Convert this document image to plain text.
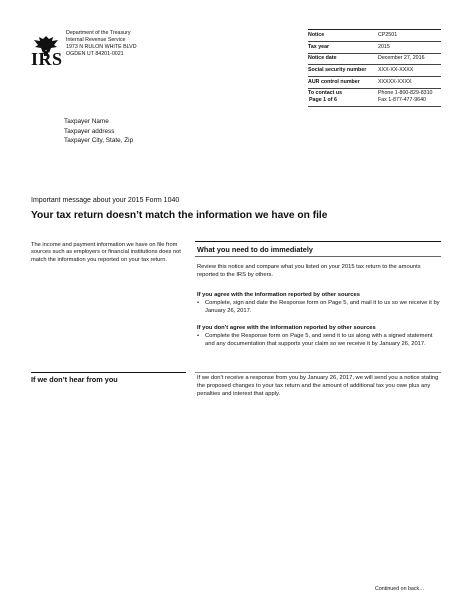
IRS
Department of the Treasury
Internal Revenue Service
1973 N RULON WHITE BLVD
OGDEN UT 84201-0021
Notice	CP2501
Tax year	2015
Notice date	December 27, 2016
Social security number	XXX-XX-XXXX
AUR control number	XXXXX-XXXX
To contact us	Phone 1-800-829-8310
Fax 1-877-477-9640
Page 1 of 6
Taxpayer Name
Taxpayer address
Taxpayer City, State, Zip
Important message about your 2015 Form 1040
Your tax return doesn’t match the information we have on file
The income and payment information we have on file from sources such as employers or financial institutions does not match the information you reported on your tax return.
What you need to do immediately
Review this notice and compare what you listed on your 2015 tax return to the amounts reported to the IRS by others.
If you agree with the information reported by other sources
•	Complete, sign and date the Response form on Page 5, and mail it to us so we receive it by January 26, 2017.
If you don’t agree with the information reported by other sources
•	Complete the Response form on Page 5, and send it to us along with a signed statement and any documentation that supports your claim so we receive it by January 26, 2017.
If we don’t hear from you	If we don’t receive a response from you by January 26, 2017, we will send you a notice stating the proposed changes to your tax return and the amount of additional tax you owe plus any penalties and interest that apply.
Continued on back…
